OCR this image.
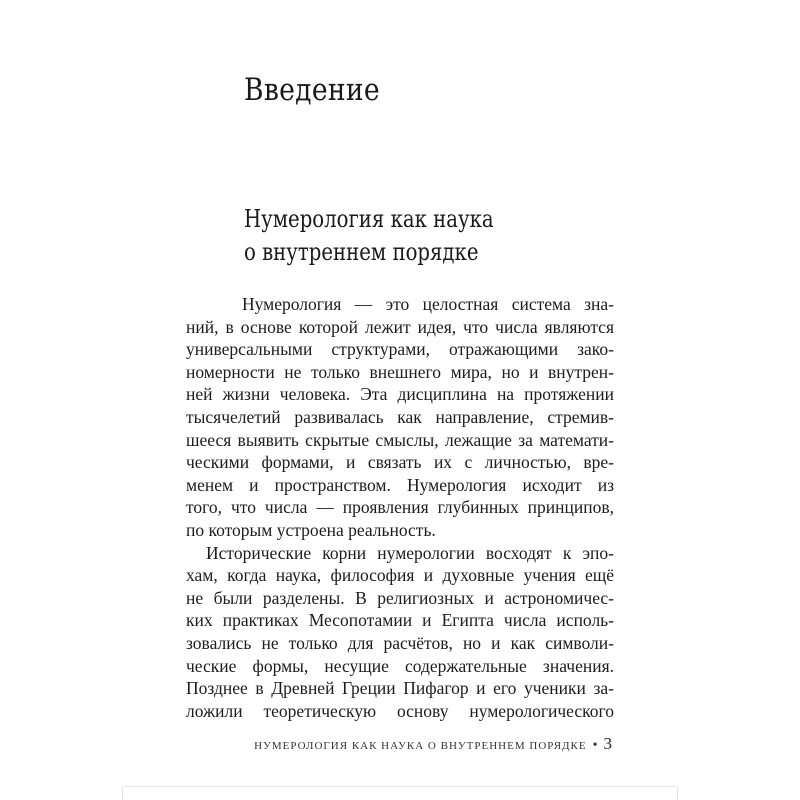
Введение
Нумерология как наука
о внутреннем порядке
Нумерология — это целостная система зна-
ний, в основе которой лежит идея, что числа являются
универсальными структурами, отражающими зако-
номерности не только внешнего мира, но и внутрен-
ней жизни человека. Эта дисциплина на протяжении
тысячелетий развивалась как направление, стремив-
шееся выявить скрытые смыслы, лежащие за математи-
ческими формами, и связать их с личностью, вре-
менем и пространством. Нумерология исходит из
того, что числа — проявления глубинных принципов,
по которым устроена реальность.
Исторические корни нумерологии восходят к эпо-
хам, когда наука, философия и духовные учения ещё
не были разделены. В религиозных и астрономичес-
ких практиках Месопотамии и Египта числа исполь-
зовались не только для расчётов, но и как символи-
ческие формы, несущие содержательные значения.
Позднее в Древней Греции Пифагор и его ученики за-
ложили теоретическую основу нумерологического
НУМЕРОЛОГИЯ КАК НАУКА О ВНУТРЕННЕМ ПОРЯДКЕ • 3
